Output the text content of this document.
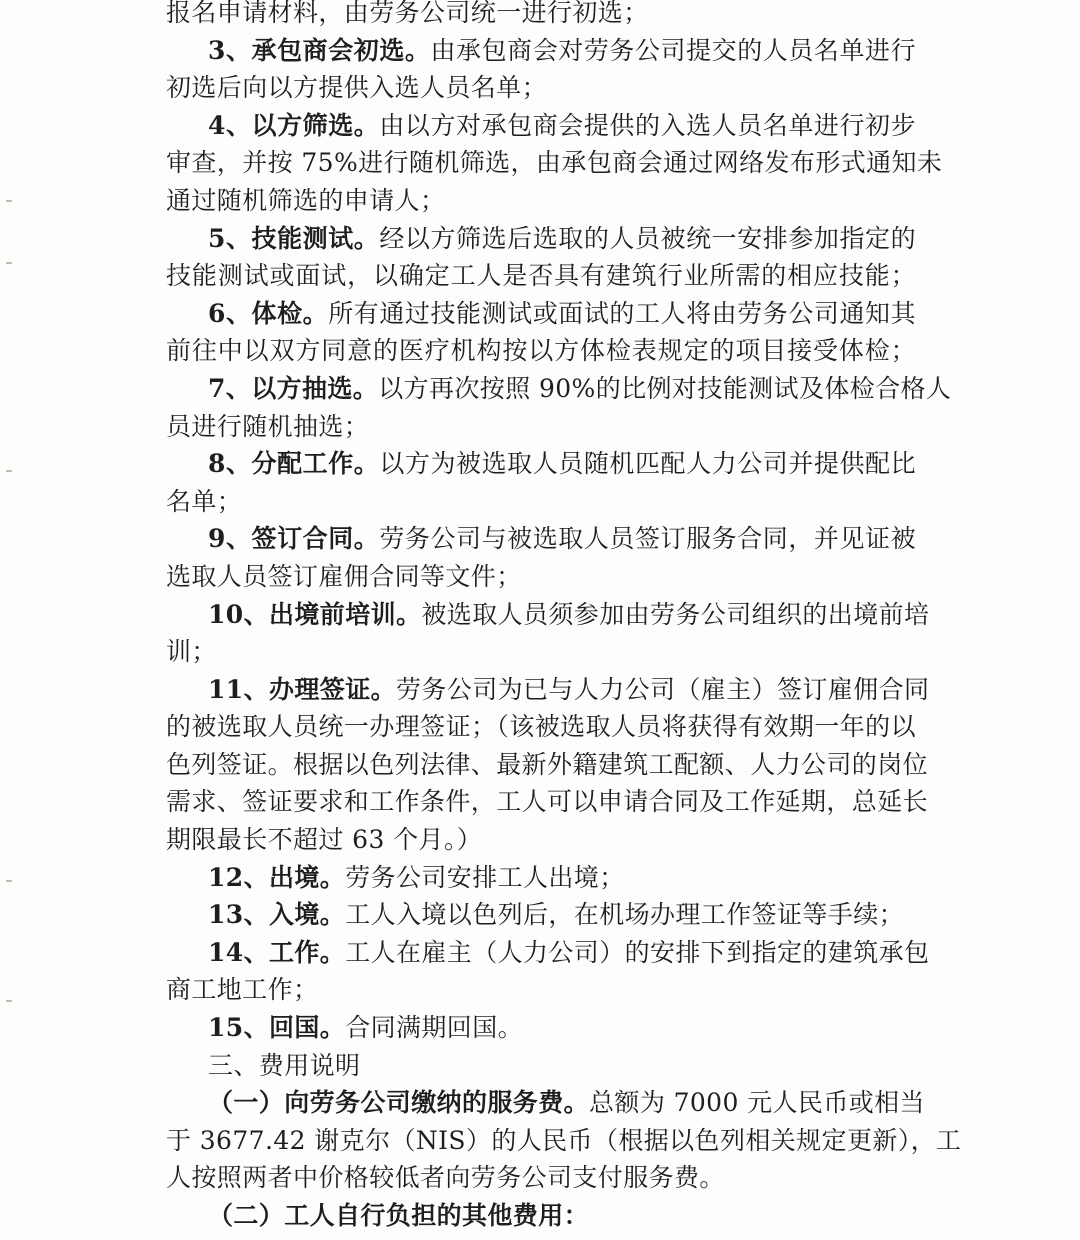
报名申请材料，由劳务公司统一进行初选；
3、承包商会初选。由承包商会对劳务公司提交的人员名单进行
初选后向以方提供入选人员名单；
4、以方筛选。由以方对承包商会提供的入选人员名单进行初步
审查，并按 75%进行随机筛选，由承包商会通过网络发布形式通知未
通过随机筛选的申请人；
5、技能测试。经以方筛选后选取的人员被统一安排参加指定的
技能测试或面试，以确定工人是否具有建筑行业所需的相应技能；
6、体检。所有通过技能测试或面试的工人将由劳务公司通知其
前往中以双方同意的医疗机构按以方体检表规定的项目接受体检；
7、以方抽选。以方再次按照 90%的比例对技能测试及体检合格人
员进行随机抽选；
8、分配工作。以方为被选取人员随机匹配人力公司并提供配比
名单；
9、签订合同。劳务公司与被选取人员签订服务合同，并见证被
选取人员签订雇佣合同等文件；
10、出境前培训。被选取人员须参加由劳务公司组织的出境前培
训；
11、办理签证。劳务公司为已与人力公司（雇主）签订雇佣合同
的被选取人员统一办理签证；（该被选取人员将获得有效期一年的以
色列签证。根据以色列法律、最新外籍建筑工配额、人力公司的岗位
需求、签证要求和工作条件，工人可以申请合同及工作延期，总延长
期限最长不超过 63 个月。）
12、出境。劳务公司安排工人出境；
13、入境。工人入境以色列后，在机场办理工作签证等手续；
14、工作。工人在雇主（人力公司）的安排下到指定的建筑承包
商工地工作；
15、回国。合同满期回国。
三、费用说明
（一）向劳务公司缴纳的服务费。总额为 7000 元人民币或相当
于 3677.42 谢克尔（NIS）的人民币（根据以色列相关规定更新），工
人按照两者中价格较低者向劳务公司支付服务费。
（二）工人自行负担的其他费用：
